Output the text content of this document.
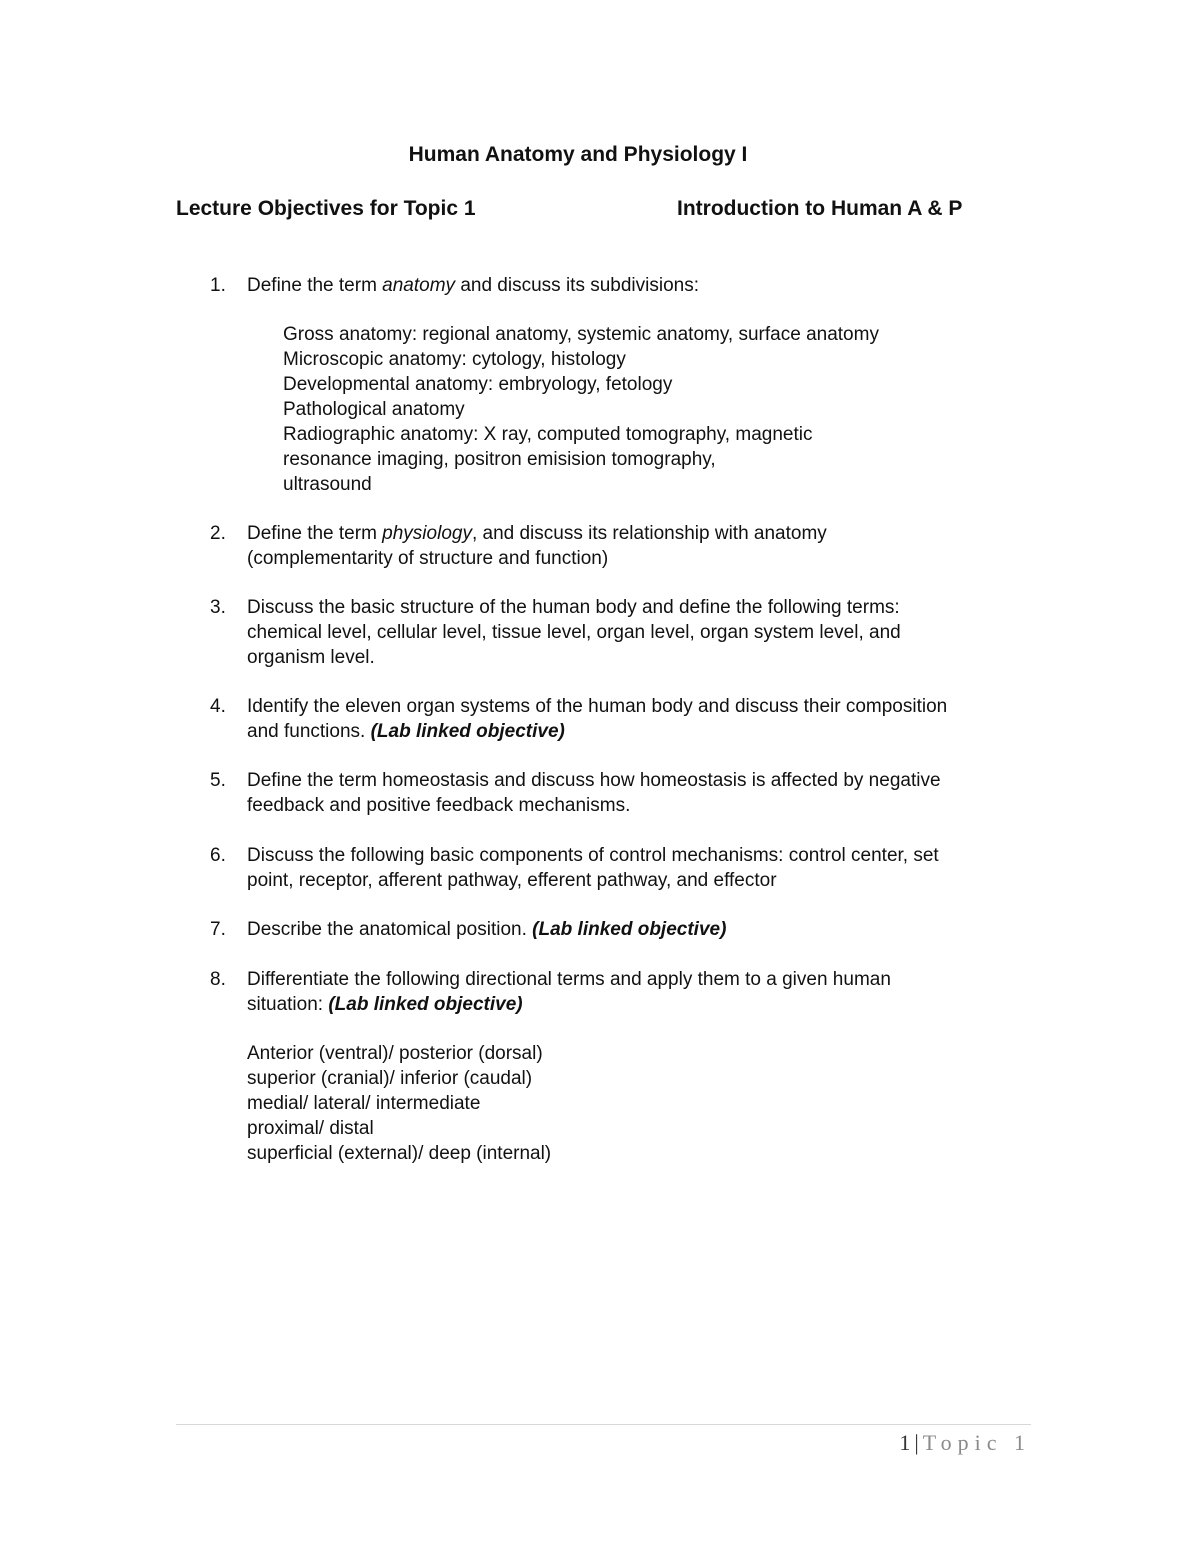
Human Anatomy and Physiology I
Lecture Objectives for Topic 1	Introduction to Human A & P
1.	Define the term anatomy and discuss its subdivisions:
Gross anatomy: regional anatomy, systemic anatomy, surface anatomy
Microscopic anatomy: cytology, histology
Developmental anatomy: embryology, fetology
Pathological anatomy
Radiographic anatomy: X ray, computed tomography, magnetic
resonance imaging, positron emisision tomography,
ultrasound
2.	Define the term physiology, and discuss its relationship with anatomy
(complementarity of structure and function)
3.	Discuss the basic structure of the human body and define the following terms:
chemical level, cellular level, tissue level, organ level, organ system level, and
organism level.
4.	Identify the eleven organ systems of the human body and discuss their composition
and functions. (Lab linked objective)
5.	Define the term homeostasis and discuss how homeostasis is affected by negative
feedback and positive feedback mechanisms.
6.	Discuss the following basic components of control mechanisms: control center, set
point, receptor, afferent pathway, efferent pathway, and effector
7.	Describe the anatomical position. (Lab linked objective)
8.	Differentiate the following directional terms and apply them to a given human
situation: (Lab linked objective)
Anterior (ventral)/ posterior (dorsal)
superior (cranial)/ inferior (caudal)
medial/ lateral/ intermediate
proximal/ distal
superficial (external)/ deep (internal)
1 | Topic 1
